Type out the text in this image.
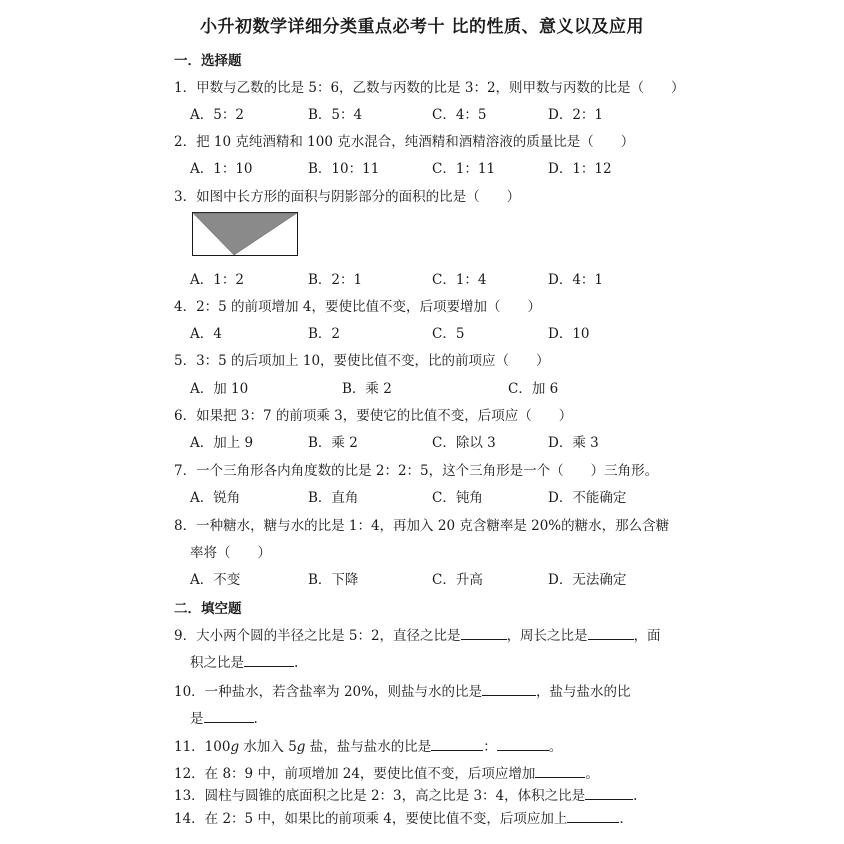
小升初数学详细分类重点必考十 比的性质、意义以及应用
一．选择题
1．甲数与乙数的比是 5：6，乙数与丙数的比是 3：2，则甲数与丙数的比是（　　）
A．5：2	B．5：4	C．4：5	D．2：1
2．把 10 克纯酒精和 100 克水混合，纯酒精和酒精溶液的质量比是（　　）
A．1：10	B．10：11	C．1：11	D．1：12
3．如图中长方形的面积与阴影部分的面积的比是（　　）
A．1：2	B．2：1	C．1：4	D．4：1
4．2：5 的前项增加 4，要使比值不变，后项要增加（　　）
A．4	B．2	C．5	D．10
5．3：5 的后项加上 10，要使比值不变，比的前项应（　　）
A．加 10	B．乘 2	C．加 6
6．如果把 3：7 的前项乘 3，要使它的比值不变，后项应（　　）
A．加上 9	B．乘 2	C．除以 3	D．乘 3
7．一个三角形各内角度数的比是 2：2：5，这个三角形是一个（　　）三角形。
A．锐角	B．直角	C．钝角	D．不能确定
8．一种糖水，糖与水的比是 1：4，再加入 20 克含糖率是 20%的糖水，那么含糖
率将（　　）
A．不变	B．下降	C．升高	D．无法确定
二．填空题
9．大小两个圆的半径之比是 5：2，直径之比是	，周长之比是	，面
积之比是	.
10．一种盐水，若含盐率为 20%，则盐与水的比是	，盐与盐水的比
是	.
11．100g 水加入 5g 盐，盐与盐水的比是	：	。
12．在 8：9 中，前项增加 24，要使比值不变，后项应增加	。
13．圆柱与圆锥的底面积之比是 2：3，高之比是 3：4，体积之比是	.
14．在 2：5 中，如果比的前项乘 4，要使比值不变，后项应加上	.
